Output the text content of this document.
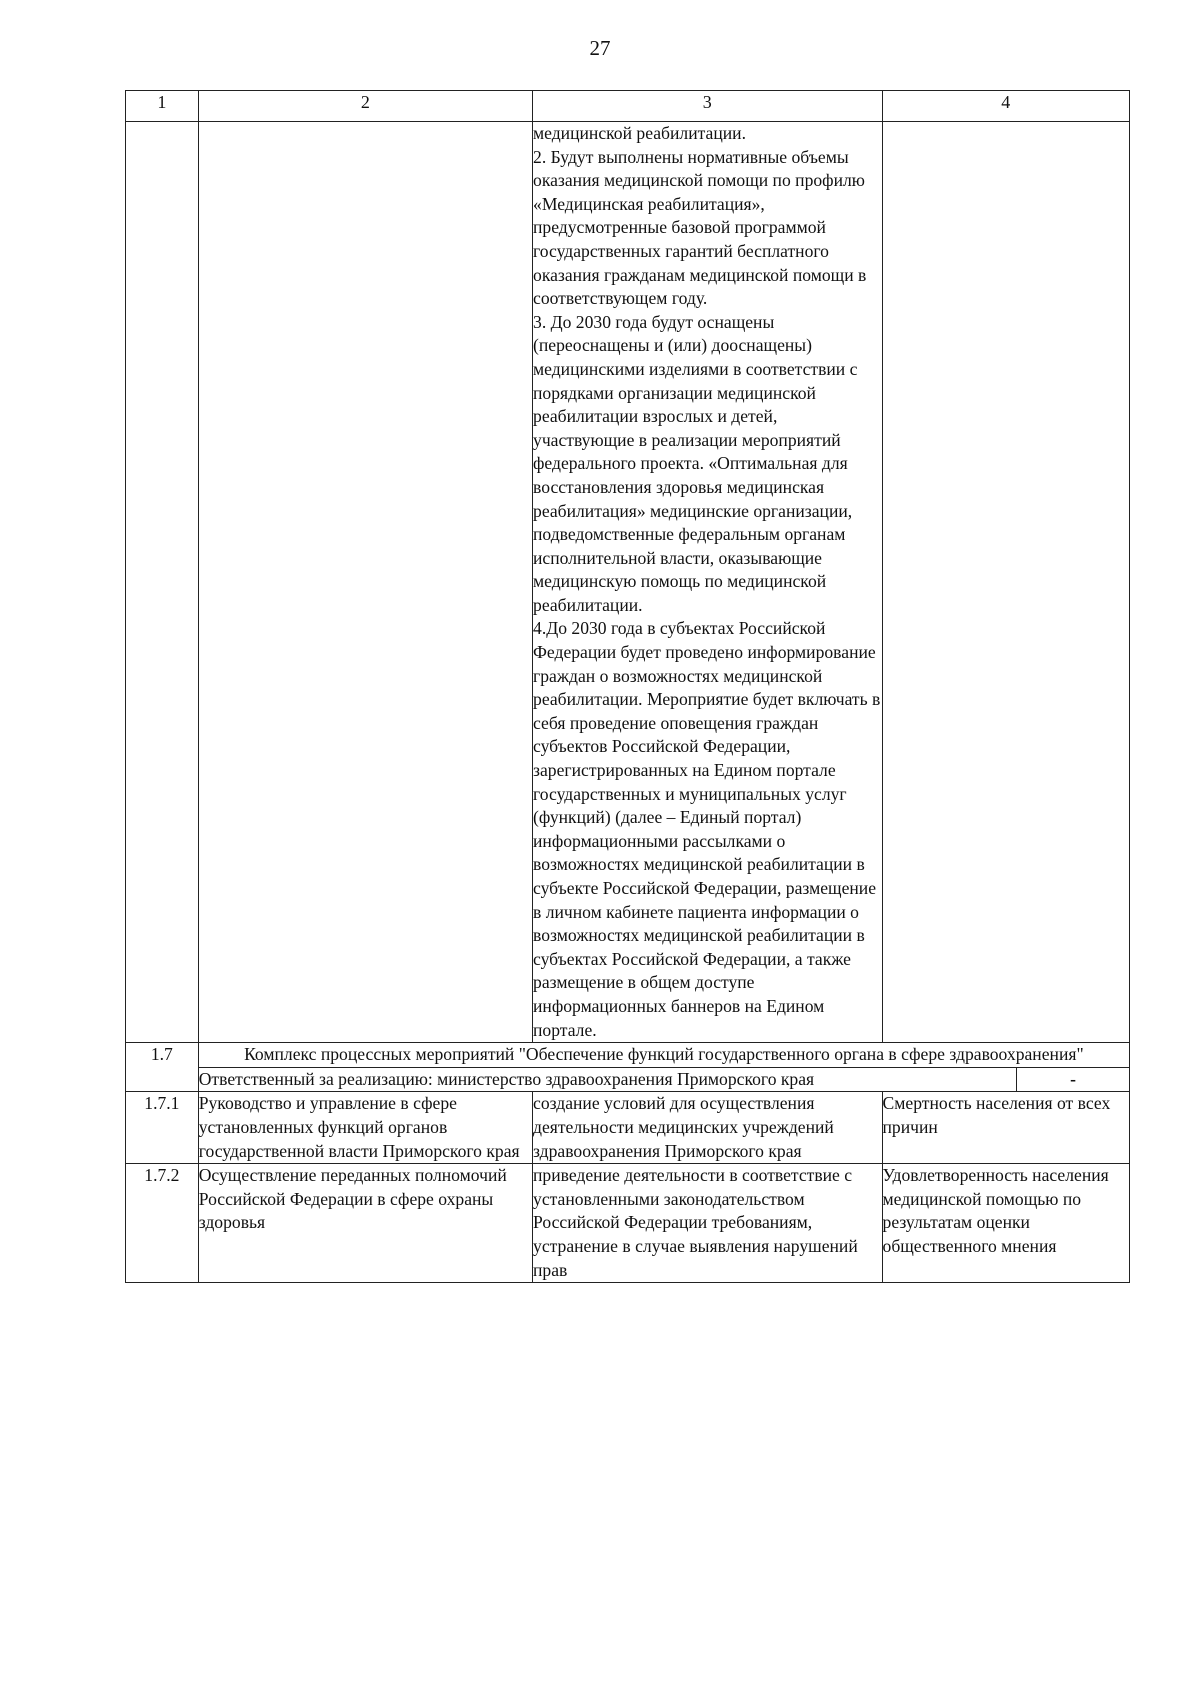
27
1	2	3	4	

		медицинской реабилитации.
2. Будут выполнены нормативные объемы оказания медицинской помощи по профилю «Медицинская реабилитация», предусмотренные базовой программой государственных гарантий бесплатного оказания гражданам медицинской помощи в соответствующем году.
3. До 2030 года будут оснащены (переоснащены и (или) дооснащены) медицинскими изделиями в соответствии с порядками организации медицинской реабилитации взрослых и детей, участвующие в реализации мероприятий федерального проекта. «Оптимальная для восстановления здоровья медицинская реабилитация» медицинские организации, подведомственные федеральным органам исполнительной власти, оказывающие медицинскую помощь по медицинской реабилитации.
4.До 2030 года в субъектах Российской Федерации будет проведено информирование граждан о возможностях медицинской реабилитации. Мероприятие будет включать в себя проведение оповещения граждан субъектов Российской Федерации, зарегистрированных на Едином портале государственных и муниципальных услуг (функций) (далее – Единый портал) информационными рассылками о возможностях медицинской реабилитации в субъекте Российской Федерации, размещение в личном кабинете пациента информации о возможностях медицинской реабилитации в субъектах Российской Федерации, а также размещение в общем доступе информационных баннеров на Едином портале.		

1.7	Комплекс процессных мероприятий "Обеспечение функций государственного органа в сфере здравоохранения"			
	Ответственный за реализацию: министерство здравоохранения Приморского края			-
1.7.1	Руководство и управление в сфере установленных функций органов государственной власти Приморского края	создание условий для осуществления деятельности медицинских учреждений здравоохранения Приморского края	Смертность населения от всех причин	
1.7.2	Осуществление переданных полномочий Российской Федерации в сфере охраны здоровья	приведение деятельности в соответствие с установленными законодательством Российской Федерации требованиям, устранение в случае выявления нарушений прав	Удовлетворенность населения медицинской помощью по результатам оценки общественного мнения	
